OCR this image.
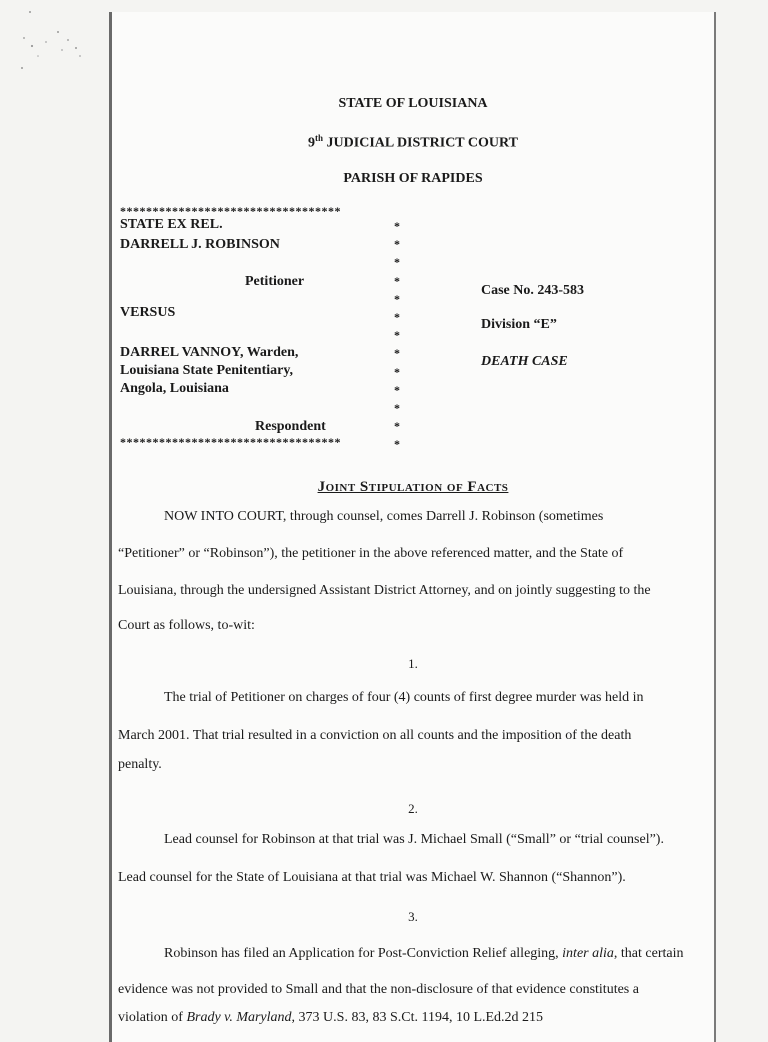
STATE OF LOUISIANA
9th JUDICIAL DISTRICT COURT
PARISH OF RAPIDES
**********************************
*
*
*
*
*
*
*
*
*
*
*
*
*
STATE EX REL.
DARRELL J. ROBINSON
Petitioner
VERSUS
DARREL VANNOY, Warden,
Louisiana State Penitentiary,
Angola, Louisiana
Respondent
**********************************
Case No. 243-583
Division “E”
DEATH CASE
Joint Stipulation of Facts
NOW INTO COURT, through counsel, comes Darrell J. Robinson (sometimes
“Petitioner” or “Robinson”), the petitioner in the above referenced matter, and the State of
Louisiana, through the undersigned Assistant District Attorney, and on jointly suggesting to the
Court as follows, to-wit:
1.
The trial of Petitioner on charges of four (4) counts of first degree murder was held in
March 2001. That trial resulted in a conviction on all counts and the imposition of the death
penalty.
2.
Lead counsel for Robinson at that trial was J. Michael Small (“Small” or “trial counsel”).
Lead counsel for the State of Louisiana at that trial was Michael W. Shannon (“Shannon”).
3.
Robinson has filed an Application for Post-Conviction Relief alleging, inter alia, that certain
evidence was not provided to Small and that the non-disclosure of that evidence constitutes a
violation of Brady v. Maryland, 373 U.S. 83, 83 S.Ct. 1194, 10 L.Ed.2d 215
